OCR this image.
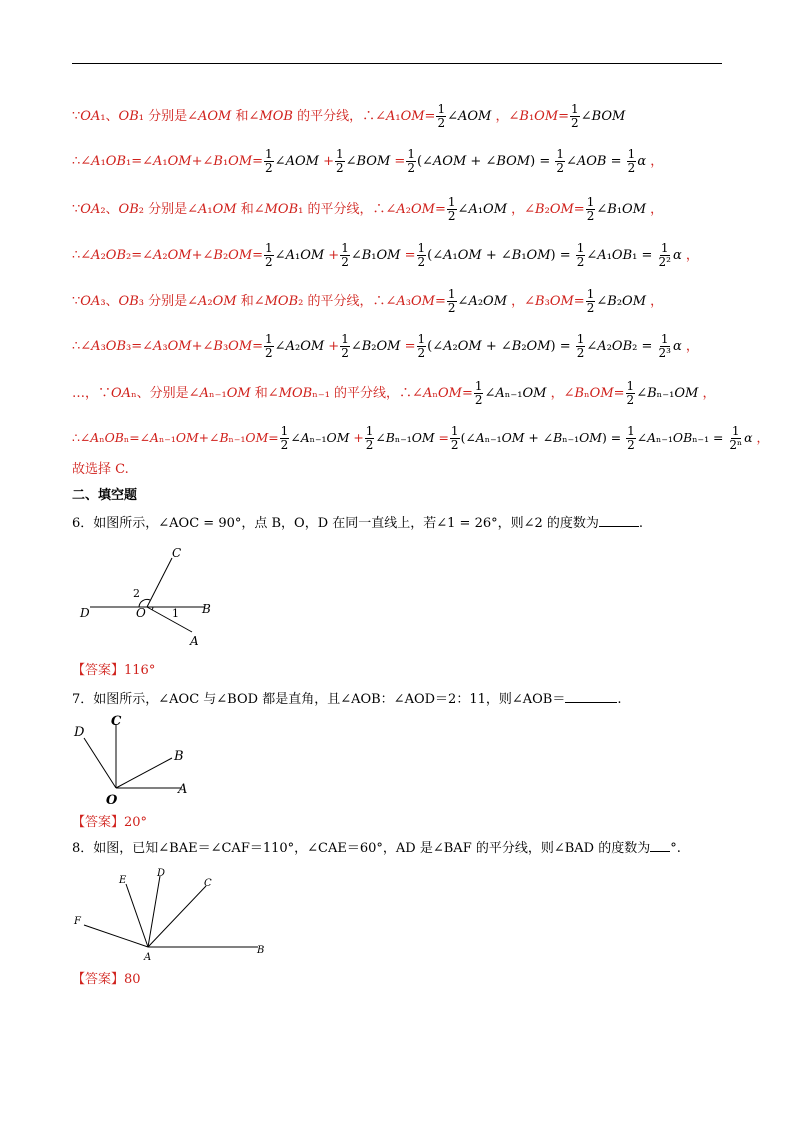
∵OA₁、OB₁ 分别是∠AOM 和∠MOB 的平分线，∴∠A₁OM= $\frac{1}{2}$ ∠AOM ，∠B₁OM= $\frac{1}{2}$ ∠BOM
∴∠A₁OB₁=∠A₁OM+∠B₁OM= $\frac{1}{2}$ ∠AOM + $\frac{1}{2}$ ∠BOM = $\frac{1}{2}$ (∠AOM + ∠BOM) = $\frac{1}{2}$ ∠AOB = $\frac{1}{2}$ α ，
∵OA₂、OB₂ 分别是∠A₁OM 和∠MOB₁ 的平分线，∴∠A₂OM= $\frac{1}{2}$ ∠A₁OM ，∠B₂OM= $\frac{1}{2}$ ∠B₁OM ，
∴∠A₂OB₂=∠A₂OM+∠B₂OM= $\frac{1}{2}$ ∠A₁OM + $\frac{1}{2}$ ∠B₁OM = $\frac{1}{2}$ (∠A₁OM + ∠B₁OM) = $\frac{1}{2}$ ∠A₁OB₁ = $\frac{1}{\text{2²}}$ α ，
∵OA₃、OB₃ 分别是∠A₂OM 和∠MOB₂ 的平分线，∴∠A₃OM= $\frac{1}{2}$ ∠A₂OM ，∠B₃OM= $\frac{1}{2}$ ∠B₂OM ，
∴∠A₃OB₃=∠A₃OM+∠B₃OM= $\frac{1}{2}$ ∠A₂OM + $\frac{1}{2}$ ∠B₂OM = $\frac{1}{2}$ (∠A₂OM + ∠B₂OM) = $\frac{1}{2}$ ∠A₂OB₂ = $\frac{1}{\text{2³}}$ α ，
…，∵OAₙ、分别是∠Aₙ₋₁OM 和∠MOBₙ₋₁ 的平分线，∴∠AₙOM= $\frac{1}{2}$ ∠Aₙ₋₁OM ，∠BₙOM= $\frac{1}{2}$ ∠Bₙ₋₁OM ，
∴∠AₙOBₙ=∠Aₙ₋₁OM+∠Bₙ₋₁OM= $\frac{1}{2}$ ∠Aₙ₋₁OM + $\frac{1}{2}$ ∠Bₙ₋₁OM = $\frac{1}{2}$ (∠Aₙ₋₁OM + ∠Bₙ₋₁OM) = $\frac{1}{2}$ ∠Aₙ₋₁OBₙ₋₁ = $\frac{1}{\text{2ⁿ}}$ α ，
故选择 C.
二、填空题
6．如图所示，∠AOC = 90°，点 B，O，D 在同一直线上，若∠1 = 26°，则∠2 的度数为	.
C
D	O	B
A
2
1
【答案】116°
7．如图所示，∠AOC 与∠BOD 都是直角，且∠AOB：∠AOD＝2：11，则∠AOB＝	.
D
C
B
O
A
【答案】20°
8．如图，已知∠BAE＝∠CAF＝110°，∠CAE＝60°，AD 是∠BAF 的平分线，则∠BAD 的度数为 °.
E
D
C
F
A
B
【答案】80
